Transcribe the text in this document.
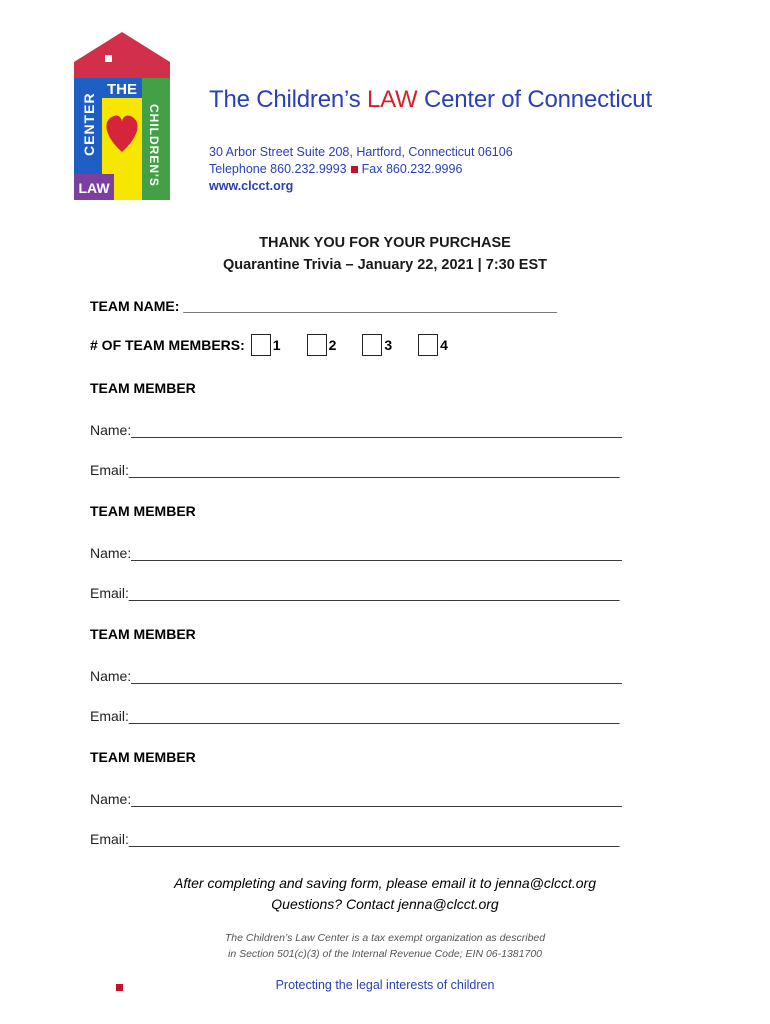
THE
CENTER	CHILDREN'S
LAW
The Children’s LAW Center of Connecticut
30 Arbor Street Suite 208, Hartford, Connecticut 06106
Telephone 860.232.9993 Fax 860.232.9996
www.clcct.org
THANK YOU FOR YOUR PURCHASE
Quarantine Trivia – January 22, 2021 | 7:30 EST
TEAM NAME: ________________________________________________
# OF TEAM MEMBERS: 1	2	3	4
TEAM MEMBER
Name:_______________________________________________________________
Email:_______________________________________________________________
TEAM MEMBER
Name:_______________________________________________________________
Email:_______________________________________________________________
TEAM MEMBER
Name:_______________________________________________________________
Email:_______________________________________________________________
TEAM MEMBER
Name:_______________________________________________________________
Email:_______________________________________________________________
After completing and saving form, please email it to jenna@clcct.org
Questions? Contact jenna@clcct.org
The Children’s Law Center is a tax exempt organization as described
in Section 501(c)(3) of the Internal Revenue Code; EIN 06-1381700
Protecting the legal interests of children
